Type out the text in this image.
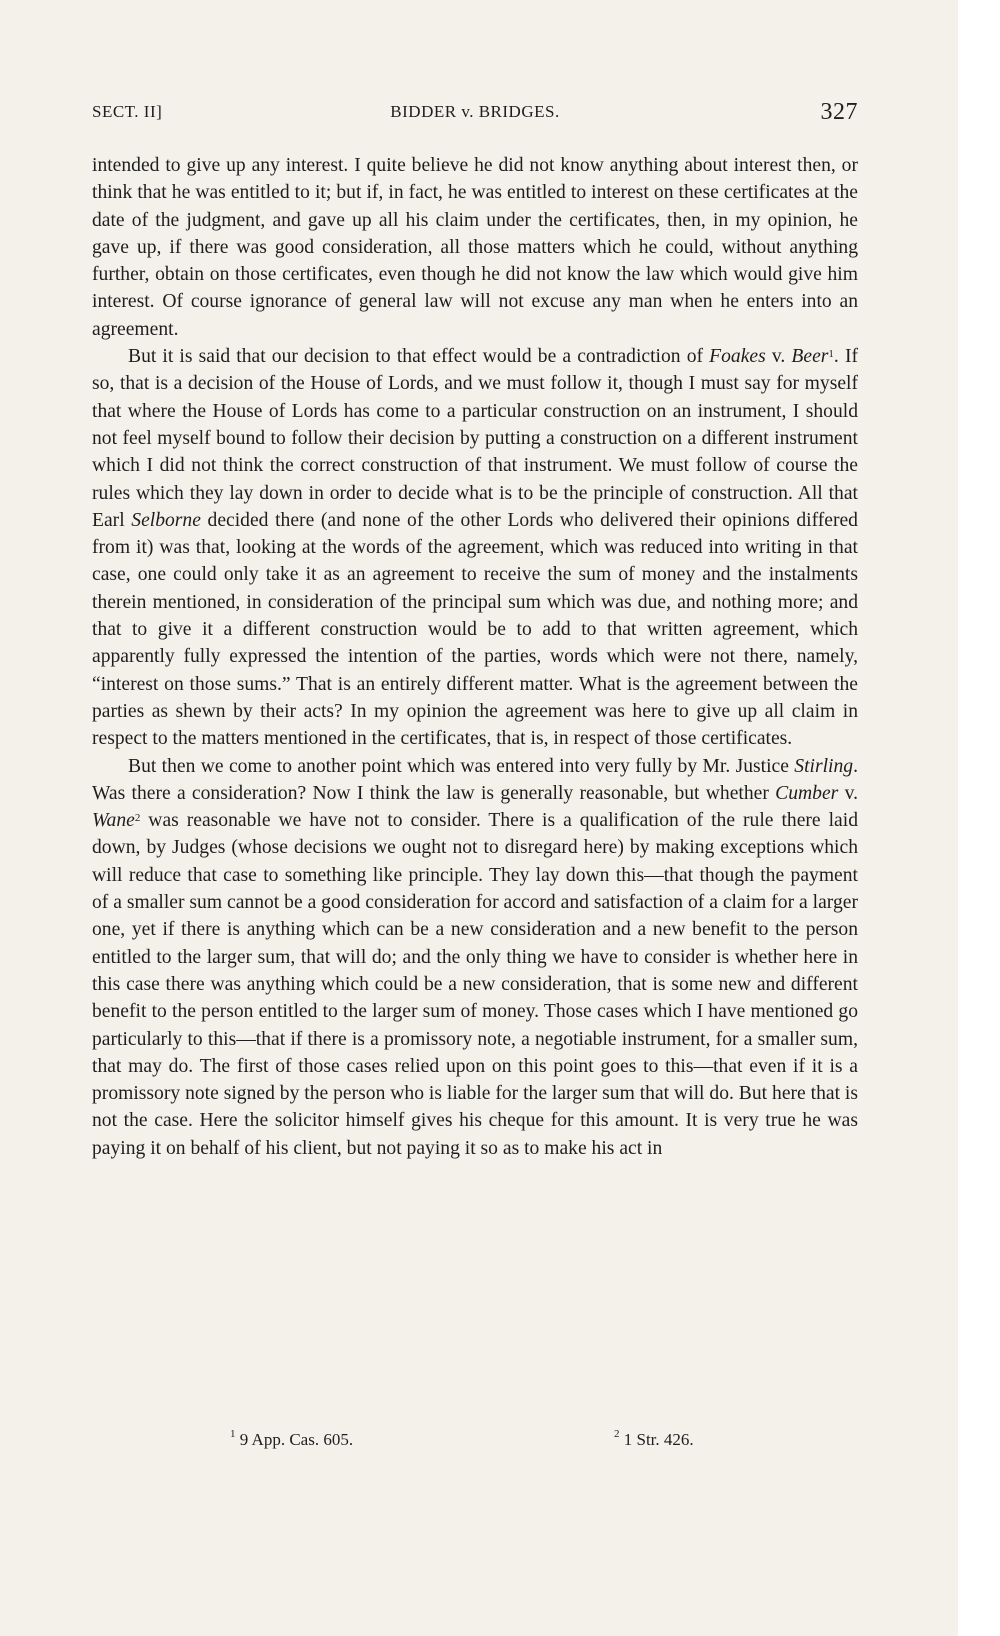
SECT. II]	BIDDER v. BRIDGES.	327

intended to give up any interest. I quite believe he did not know anything about interest then, or think that he was entitled to it; but if, in fact, he was entitled to interest on these certificates at the date of the judgment, and gave up all his claim under the certificates, then, in my opinion, he gave up, if there was good consideration, all those matters which he could, without anything further, obtain on those certificates, even though he did not know the law which would give him interest. Of course ignorance of general law will not excuse any man when he enters into an agreement.

But it is said that our decision to that effect would be a contradiction of Foakes v. Beer$^1$. If so, that is a decision of the House of Lords, and we must follow it, though I must say for myself that where the House of Lords has come to a particular construction on an instrument, I should not feel myself bound to follow their decision by putting a construction on a different instrument which I did not think the correct construction of that instrument. We must follow of course the rules which they lay down in order to decide what is to be the principle of construction. All that Earl Selborne decided there (and none of the other Lords who delivered their opinions differed from it) was that, looking at the words of the agreement, which was reduced into writing in that case, one could only take it as an agreement to receive the sum of money and the instalments therein mentioned, in consideration of the principal sum which was due, and nothing more; and that to give it a different construction would be to add to that written agreement, which apparently fully expressed the intention of the parties, words which were not there, namely, “interest on those sums.” That is an entirely different matter. What is the agreement between the parties as shewn by their acts? In my opinion the agreement was here to give up all claim in respect to the matters mentioned in the certificates, that is, in respect of those certificates.

But then we come to another point which was entered into very fully by Mr. Justice Stirling. Was there a consideration? Now I think the law is generally reasonable, but whether Cumber v. Wane$^2$ was reasonable we have not to consider. There is a qualification of the rule there laid down, by Judges (whose decisions we ought not to disregard here) by making exceptions which will reduce that case to something like principle. They lay down this—that though the payment of a smaller sum cannot be a good consideration for accord and satisfaction of a claim for a larger one, yet if there is anything which can be a new consideration and a new benefit to the person entitled to the larger sum, that will do; and the only thing we have to consider is whether here in this case there was anything which could be a new consideration, that is some new and different benefit to the person entitled to the larger sum of money. Those cases which I have mentioned go particularly to this—that if there is a promissory note, a negotiable instrument, for a smaller sum, that may do. The first of those cases relied upon on this point goes to this—that even if it is a promissory note signed by the person who is liable for the larger sum that will do. But here that is not the case. Here the solicitor himself gives his cheque for this amount. It is very true he was paying it on behalf of his client, but not paying it so as to make his act in

$^1$ 9 App. Cas. 605.	$^2$ 1 Str. 426.
